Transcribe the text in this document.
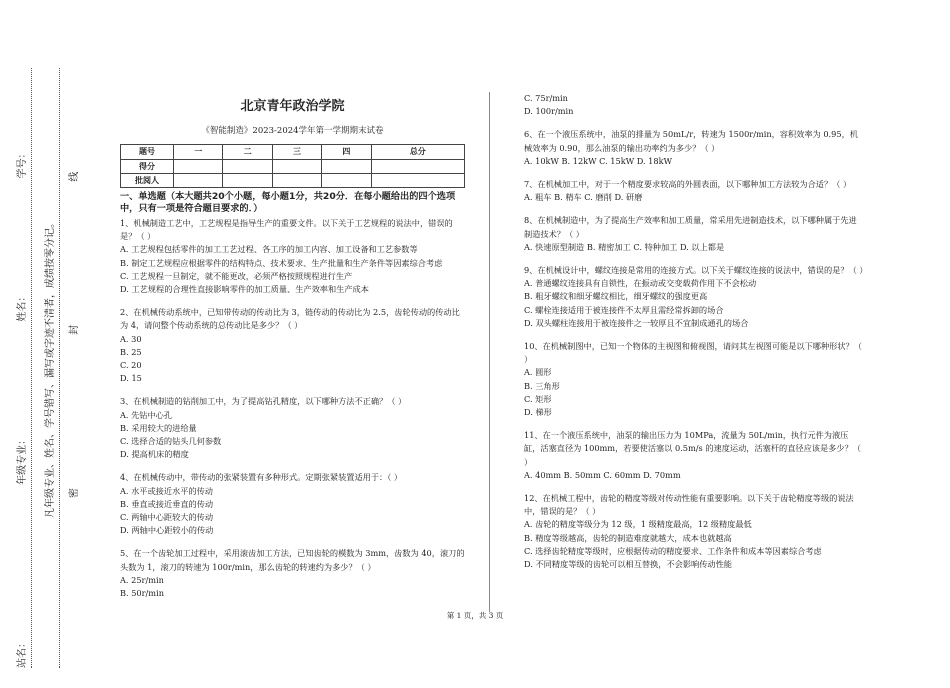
站名： 年级专业： 姓名： 学号：
凡年级专业、姓名、学号错写、漏写或字迹不清者，成绩按零分记。	密 封 线
北京青年政治学院
《智能制造》2023-2024学年第一学期期末试卷
题号	一	二	三	四	总分
得分					
批阅人					
一、单选题（本大题共20个小题，每小题1分，共20分．在每小题给出的四个选项中，只有一项是符合题目要求的．）
1、机械制造工艺中，工艺规程是指导生产的重要文件。以下关于工艺规程的说法中，错误的是？（ ）
A. 工艺规程包括零件的加工工艺过程、各工序的加工内容、加工设备和工艺参数等
B. 制定工艺规程应根据零件的结构特点、技术要求、生产批量和生产条件等因素综合考虑
C. 工艺规程一旦制定，就不能更改，必须严格按照规程进行生产
D. 工艺规程的合理性直接影响零件的加工质量、生产效率和生产成本
2、在机械传动系统中，已知带传动的传动比为 3，链传动的传动比为 2.5，齿轮传动的传动比为 4，请问整个传动系统的总传动比是多少？（ ）
A. 30
B. 25
C. 20
D. 15
3、在机械制造的钻削加工中，为了提高钻孔精度，以下哪种方法不正确？（ ）
A. 先钻中心孔
B. 采用较大的进给量
C. 选择合适的钻头几何参数
D. 提高机床的精度
4、在机械传动中，带传动的张紧装置有多种形式。定期张紧装置适用于：（ ）
A. 水平或接近水平的传动
B. 垂直或接近垂直的传动
C. 两轴中心距较大的传动
D. 两轴中心距较小的传动
5、在一个齿轮加工过程中，采用滚齿加工方法，已知齿轮的模数为 3mm，齿数为 40，滚刀的头数为 1，滚刀的转速为 100r/min，那么齿轮的转速约为多少？（ ）
A. 25r/min
B. 50r/min
C. 75r/min
D. 100r/min
6、在一个液压系统中，油泵的排量为 50mL/r，转速为 1500r/min，容积效率为 0.95，机械效率为 0.90，那么油泵的输出功率约为多少？（ ）
A. 10kW B. 12kW C. 15kW D. 18kW
7、在机械加工中，对于一个精度要求较高的外圆表面，以下哪种加工方法较为合适？（ ）
A. 粗车 B. 精车 C. 磨削 D. 研磨
8、在机械制造中，为了提高生产效率和加工质量，常采用先进制造技术，以下哪种属于先进制造技术？（ ）
A. 快速原型制造 B. 精密加工 C. 特种加工 D. 以上都是
9、在机械设计中，螺纹连接是常用的连接方式。以下关于螺纹连接的说法中，错误的是？（ ）
A. 普通螺纹连接具有自锁性，在振动或交变载荷作用下不会松动
B. 粗牙螺纹和细牙螺纹相比，细牙螺纹的强度更高
C. 螺栓连接适用于被连接件不太厚且需经常拆卸的场合
D. 双头螺柱连接用于被连接件之一较厚且不宜制成通孔的场合
10、在机械制图中，已知一个物体的主视图和俯视图，请问其左视图可能是以下哪种形状？（ ）
A. 圆形
B. 三角形
C. 矩形
D. 梯形
11、在一个液压系统中，油泵的输出压力为 10MPa，流量为 50L/min，执行元件为液压缸，活塞直径为 100mm，若要使活塞以 0.5m/s 的速度运动，活塞杆的直径应该是多少？（ ）
A. 40mm B. 50mm C. 60mm D. 70mm
12、在机械工程中，齿轮的精度等级对传动性能有重要影响。以下关于齿轮精度等级的说法中，错误的是？（ ）
A. 齿轮的精度等级分为 12 级，1 级精度最高，12 级精度最低
B. 精度等级越高，齿轮的制造难度就越大，成本也就越高
C. 选择齿轮精度等级时，应根据传动的精度要求、工作条件和成本等因素综合考虑
D. 不同精度等级的齿轮可以相互替换，不会影响传动性能
第 1 页，共 3 页
